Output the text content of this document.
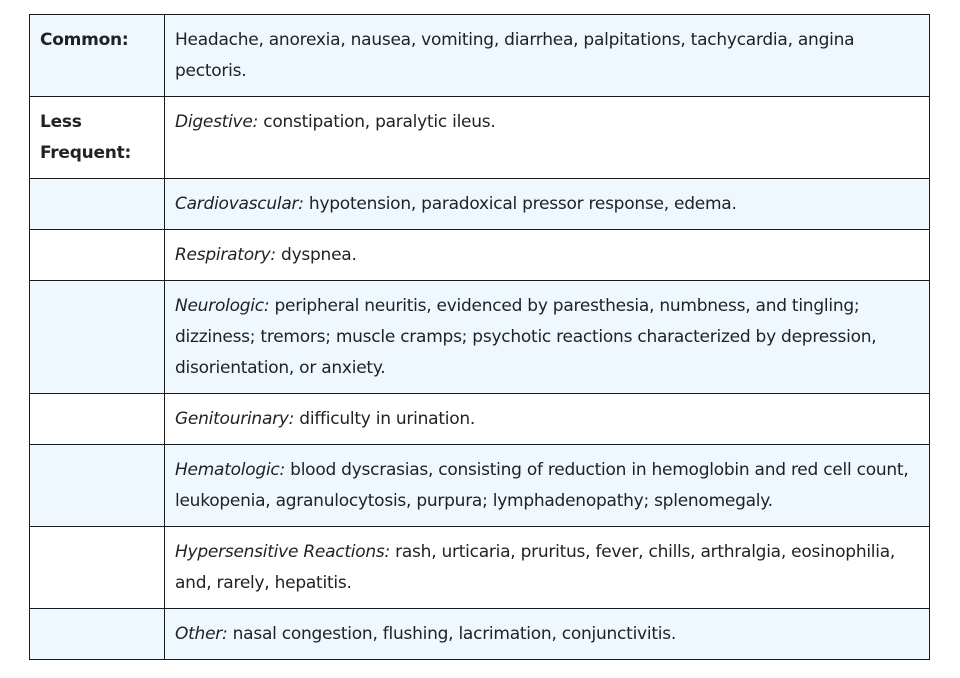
Common:	Headache, anorexia, nausea, vomiting, diarrhea, palpitations, tachycardia, angina pectoris.

Less Frequent:	Digestive: constipation, paralytic ileus.
	Cardiovascular: hypotension, paradoxical pressor response, edema.
	Respiratory: dyspnea.
	Neurologic: peripheral neuritis, evidenced by paresthesia, numbness, and tingling; dizziness; tremors; muscle cramps; psychotic reactions characterized by depression, disorientation, or anxiety.
	Genitourinary: difficulty in urination.
	Hematologic: blood dyscrasias, consisting of reduction in hemoglobin and red cell count, leukopenia, agranulocytosis, purpura; lymphadenopathy; splenomegaly.
	Hypersensitive Reactions: rash, urticaria, pruritus, fever, chills, arthralgia, eosinophilia, and, rarely, hepatitis.
	Other: nasal congestion, flushing, lacrimation, conjunctivitis.
